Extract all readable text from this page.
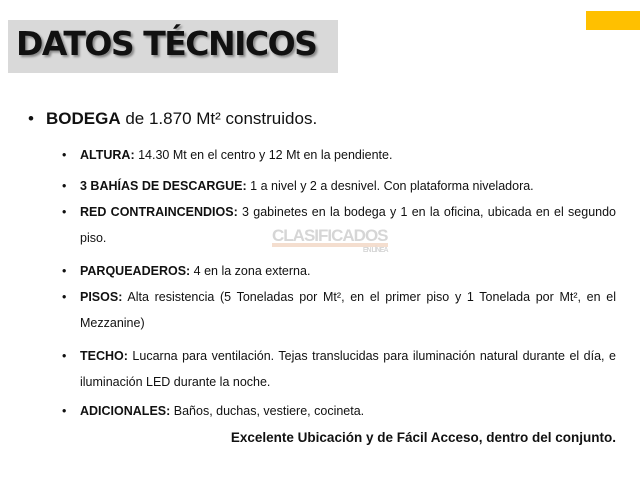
DATOS TÉCNICOS
• BODEGA de 1.870 Mt² construidos.
• ALTURA: 14.30 Mt en el centro y 12 Mt en la pendiente.
• 3 BAHÍAS DE DESCARGUE: 1 a nivel y 2 a desnivel. Con plataforma niveladora.
• RED CONTRAINCENDIOS: 3 gabinetes en la bodega y 1 en la oficina, ubicada en el segundo piso.
• PARQUEADEROS: 4 en la zona externa.
• PISOS: Alta resistencia (5 Toneladas por Mt², en el primer piso y 1 Tonelada por Mt², en el Mezzanine)
• TECHO: Lucarna para ventilación. Tejas translucidas para iluminación natural durante el día, e iluminación LED durante la noche.
• ADICIONALES: Baños, duchas, vestiere, cocineta.
Excelente Ubicación y de Fácil Acceso, dentro del conjunto.
CLASIFICADOS
EN LÍNEA
